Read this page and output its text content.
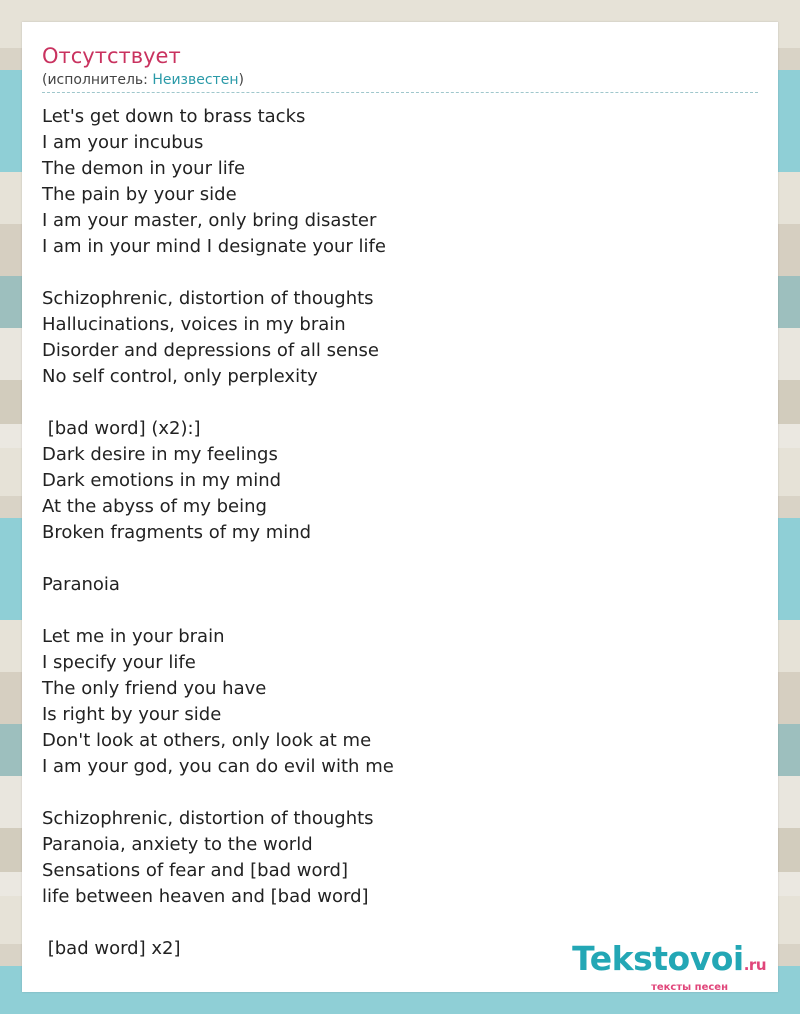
Отсутствует
(исполнитель: Неизвестен)
Let's get down to brass tacks
I am your incubus
The demon in your life
The pain by your side
I am your master, only bring disaster
I am in your mind I designate your life
Schizophrenic, distortion of thoughts
Hallucinations, voices in my brain
Disorder and depressions of all sense
No self control, only perplexity
[bad word] (x2):]
Dark desire in my feelings
Dark emotions in my mind
At the abyss of my being
Broken fragments of my mind
Paranoia
Let me in your brain
I specify your life
The only friend you have
Is right by your side
Don't look at others, only look at me
I am your god, you can do evil with me
Schizophrenic, distortion of thoughts
Paranoia, anxiety to the world
Sensations of fear and [bad word]
life between heaven and [bad word]
[bad word] x2]	Tekstovoi.ru
тексты песен
